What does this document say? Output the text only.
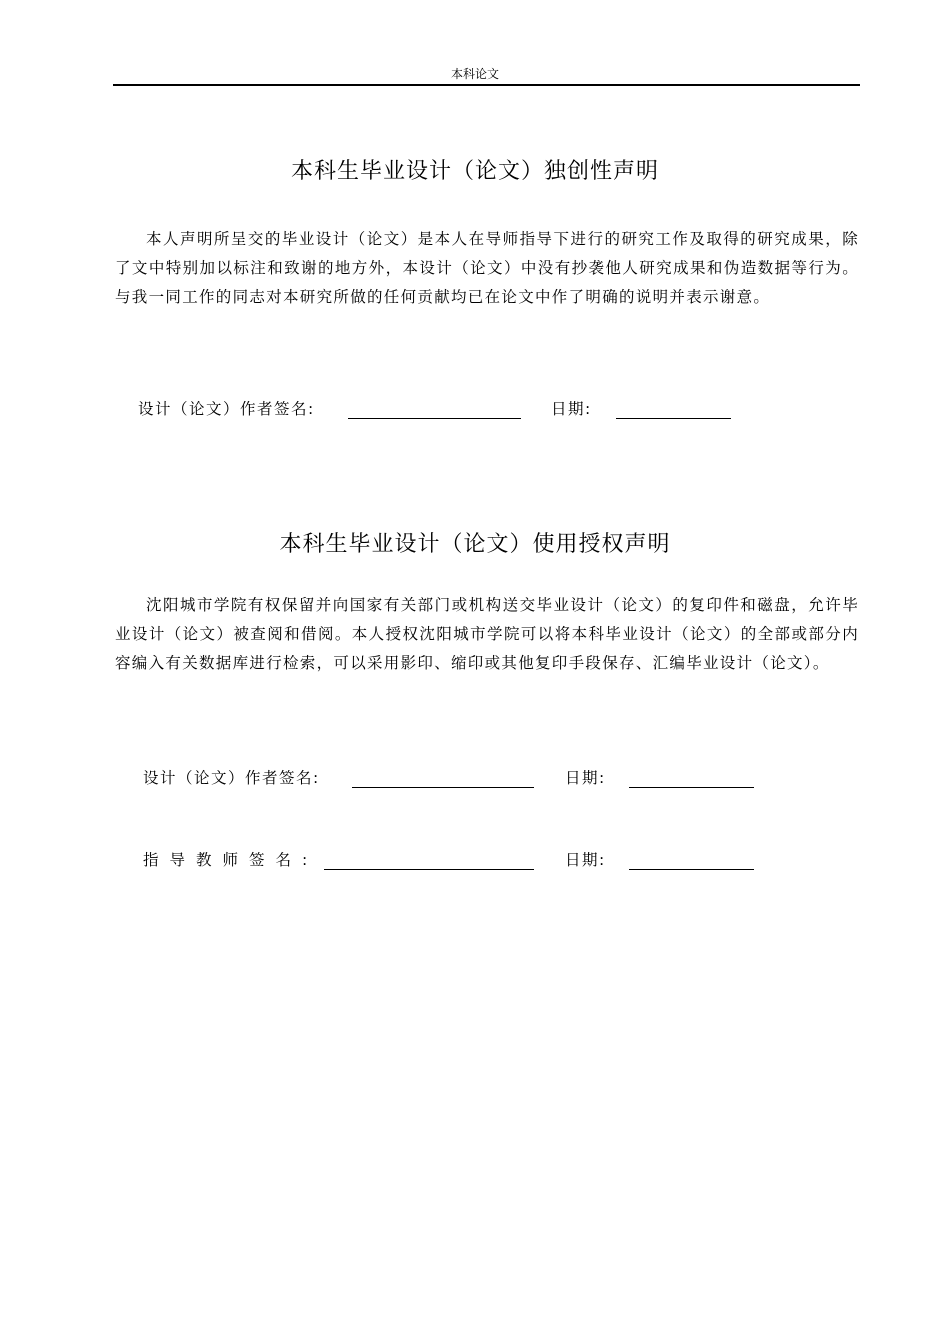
本科论文
本科生毕业设计（论文）独创性声明

本人声明所呈交的毕业设计（论文）是本人在导师指导下进行的研究工作及取得的研究成果，除了文中特别加以标注和致谢的地方外，本设计（论文）中没有抄袭他人研究成果和伪造数据等行为。与我一同工作的同志对本研究所做的任何贡献均已在论文中作了明确的说明并表示谢意。

设计（论文）作者签名:	日期:
本科生毕业设计（论文）使用授权声明

沈阳城市学院有权保留并向国家有关部门或机构送交毕业设计（论文）的复印件和磁盘，允许毕业设计（论文）被查阅和借阅。本人授权沈阳城市学院可以将本科毕业设计（论文）的全部或部分内容编入有关数据库进行检索，可以采用影印、缩印或其他复印手段保存、汇编毕业设计（论文）。

设计（论文）作者签名:	日期:
指导教师签名:	日期:
